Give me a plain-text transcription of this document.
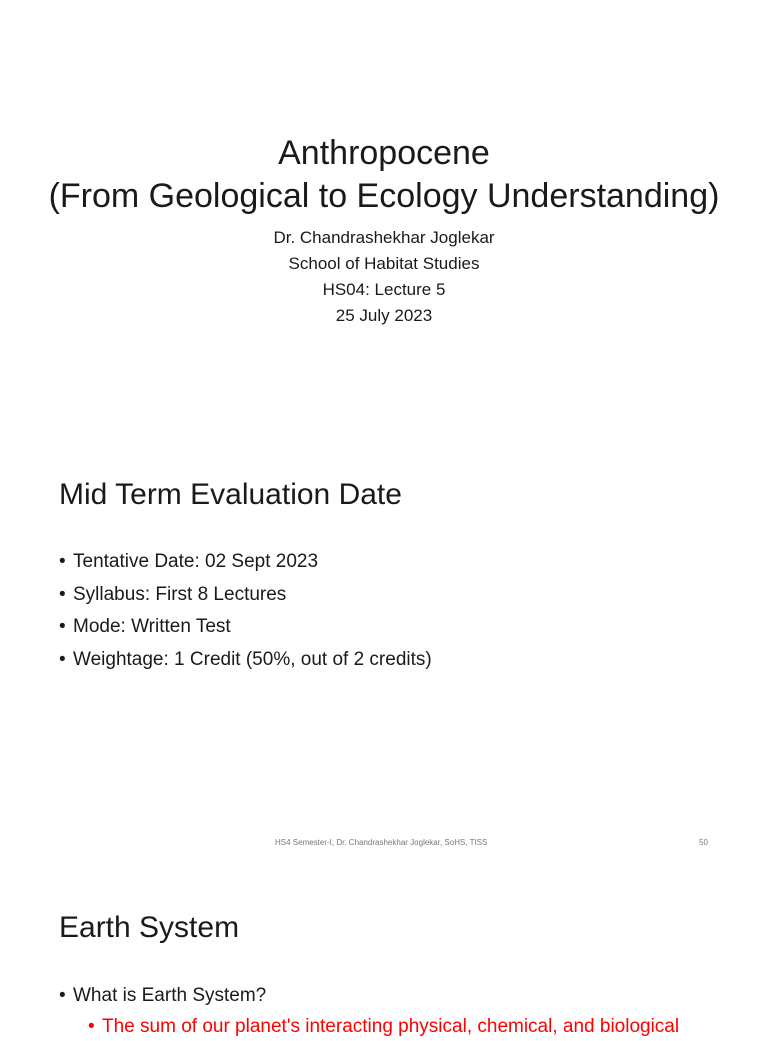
Anthropocene
(From Geological to Ecology Understanding)
Dr. Chandrashekhar Joglekar
School of Habitat Studies
HS04: Lecture 5
25 July 2023
Mid Term Evaluation Date
• Tentative Date: 02 Sept 2023
• Syllabus: First 8 Lectures
• Mode: Written Test
• Weightage: 1 Credit (50%, out of 2 credits)
HS4 Semester-I, Dr. Chandrashekhar Joglekar, SoHS, TISS	50
Earth System
• What is Earth System?
• The sum of our planet's interacting physical, chemical, and biological
